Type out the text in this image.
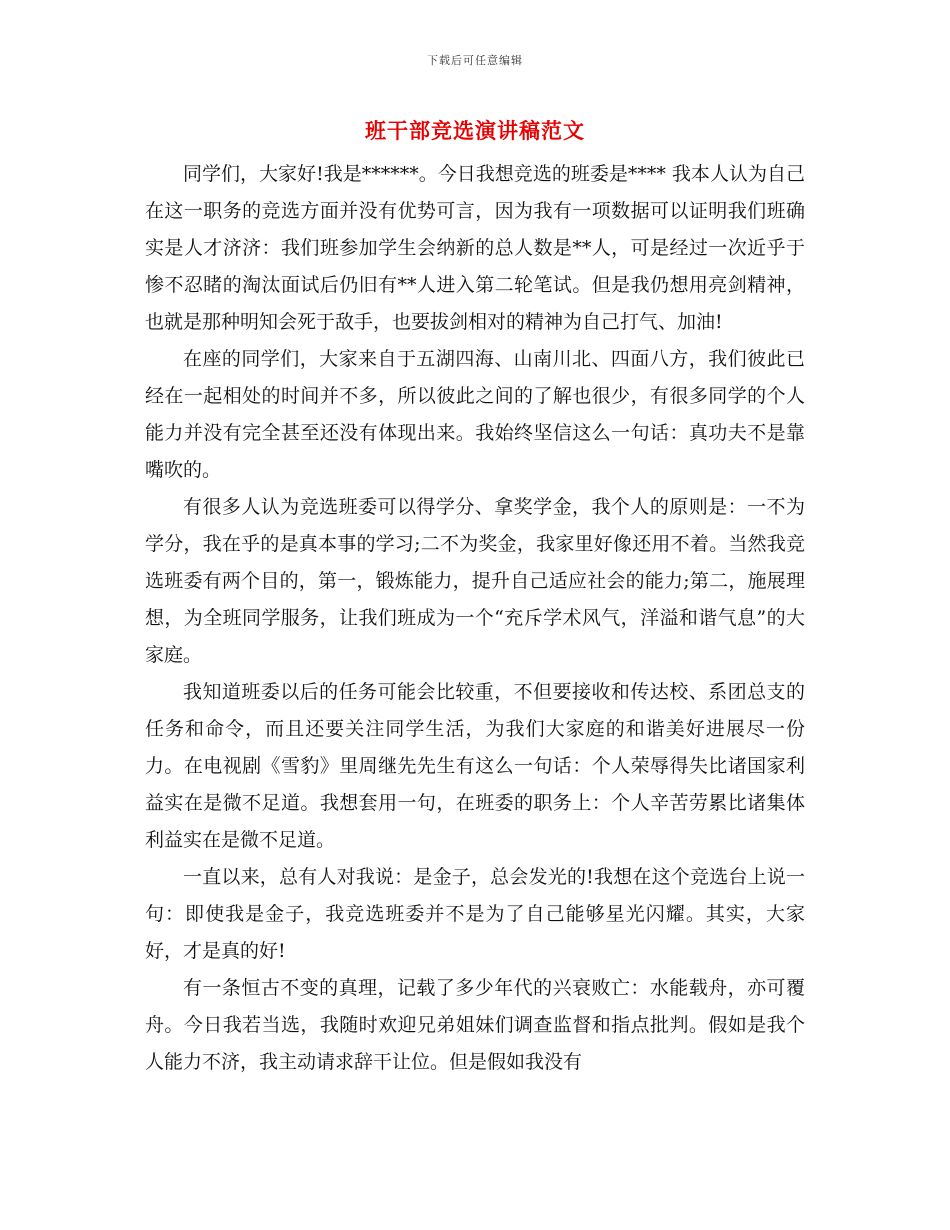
下载后可任意编辑
班干部竞选演讲稿范文

同学们，大家好!我是******。今日我想竞选的班委是**** 我本人认为自己在这一职务的竞选方面并没有优势可言，因为我有一项数据可以证明我们班确实是人才济济：我们班参加学生会纳新的总人数是**人，可是经过一次近乎于惨不忍睹的淘汰面试后仍旧有**人进入第二轮笔试。但是我仍想用亮剑精神，也就是那种明知会死于敌手，也要拔剑相对的精神为自己打气、加油!

在座的同学们，大家来自于五湖四海、山南川北、四面八方，我们彼此已经在一起相处的时间并不多，所以彼此之间的了解也很少，有很多同学的个人能力并没有完全甚至还没有体现出来。我始终坚信这么一句话：真功夫不是靠嘴吹的。

有很多人认为竞选班委可以得学分、拿奖学金，我个人的原则是：一不为学分，我在乎的是真本事的学习;二不为奖金，我家里好像还用不着。当然我竞选班委有两个目的，第一，锻炼能力，提升自己适应社会的能力;第二，施展理想，为全班同学服务，让我们班成为一个“充斥学术风气，洋溢和谐气息”的大家庭。

我知道班委以后的任务可能会比较重，不但要接收和传达校、系团总支的任务和命令，而且还要关注同学生活，为我们大家庭的和谐美好进展尽一份力。在电视剧《雪豹》里周继先先生有这么一句话：个人荣辱得失比诸国家利益实在是微不足道。我想套用一句，在班委的职务上：个人辛苦劳累比诸集体利益实在是微不足道。

一直以来，总有人对我说：是金子，总会发光的!我想在这个竞选台上说一句：即使我是金子，我竞选班委并不是为了自己能够星光闪耀。其实，大家好，才是真的好!

有一条恒古不变的真理，记载了多少年代的兴衰败亡：水能载舟，亦可覆舟。今日我若当选，我随时欢迎兄弟姐妹们调查监督和指点批判。假如是我个人能力不济，我主动请求辞干让位。但是假如我没有
